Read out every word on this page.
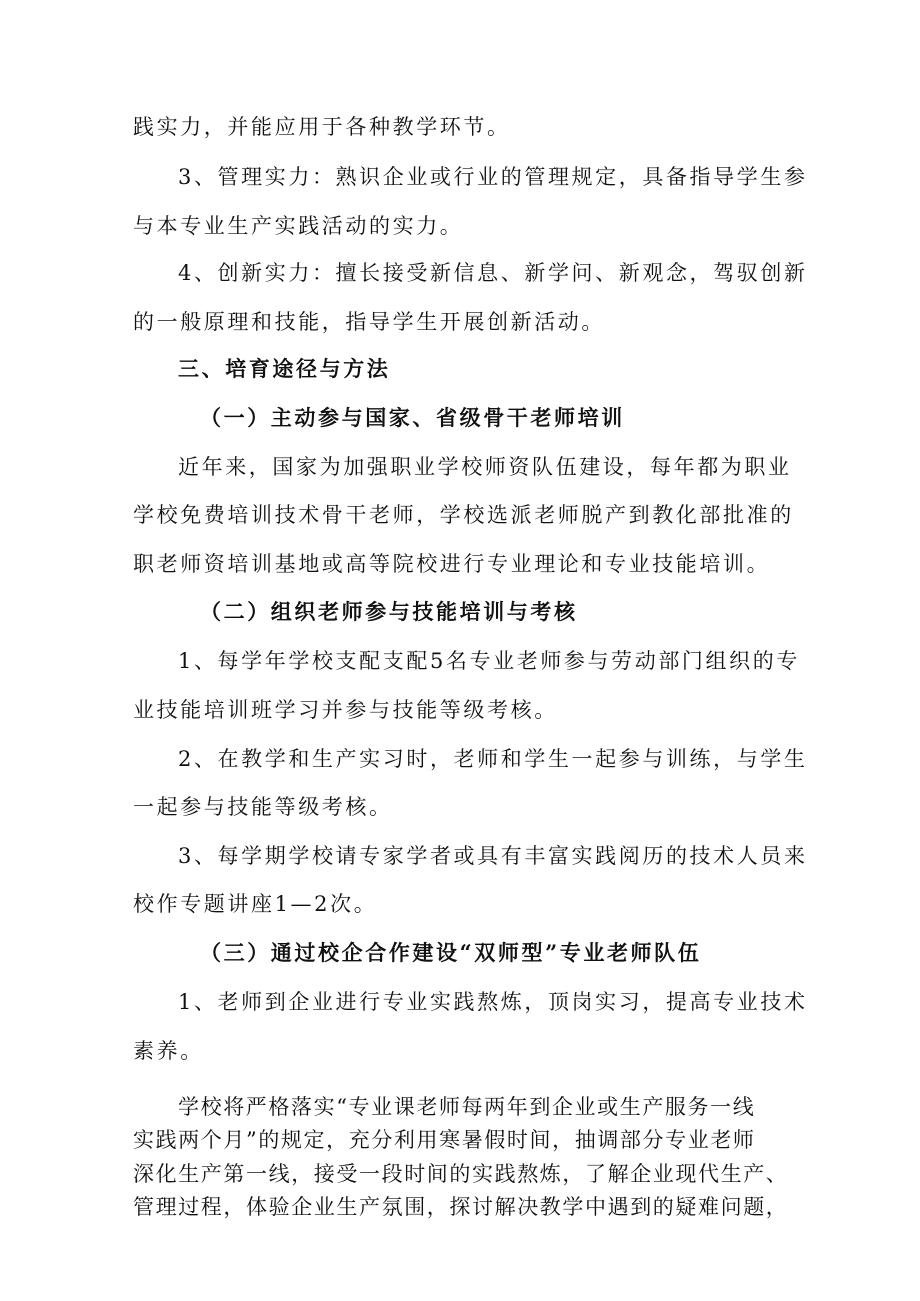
践实力，并能应用于各种教学环节。
3、管理实力：熟识企业或行业的管理规定，具备指导学生参
与本专业生产实践活动的实力。
4、创新实力：擅长接受新信息、新学问、新观念，驾驭创新
的一般原理和技能，指导学生开展创新活动。
三、培育途径与方法
（一）主动参与国家、省级骨干老师培训
近年来，国家为加强职业学校师资队伍建设，每年都为职业
学校免费培训技术骨干老师，学校选派老师脱产到教化部批准的
职老师资培训基地或高等院校进行专业理论和专业技能培训。
（二）组织老师参与技能培训与考核
1、每学年学校支配支配5名专业老师参与劳动部门组织的专
业技能培训班学习并参与技能等级考核。
2、在教学和生产实习时，老师和学生一起参与训练，与学生
一起参与技能等级考核。
3、每学期学校请专家学者或具有丰富实践阅历的技术人员来
校作专题讲座1—2次。
（三）通过校企合作建设“双师型”专业老师队伍
1、老师到企业进行专业实践熬炼，顶岗实习，提高专业技术
素养。
学校将严格落实“专业课老师每两年到企业或生产服务一线
实践两个月”的规定，充分利用寒暑假时间，抽调部分专业老师
深化生产第一线，接受一段时间的实践熬炼，了解企业现代生产、
管理过程，体验企业生产氛围，探讨解决教学中遇到的疑难问题，
